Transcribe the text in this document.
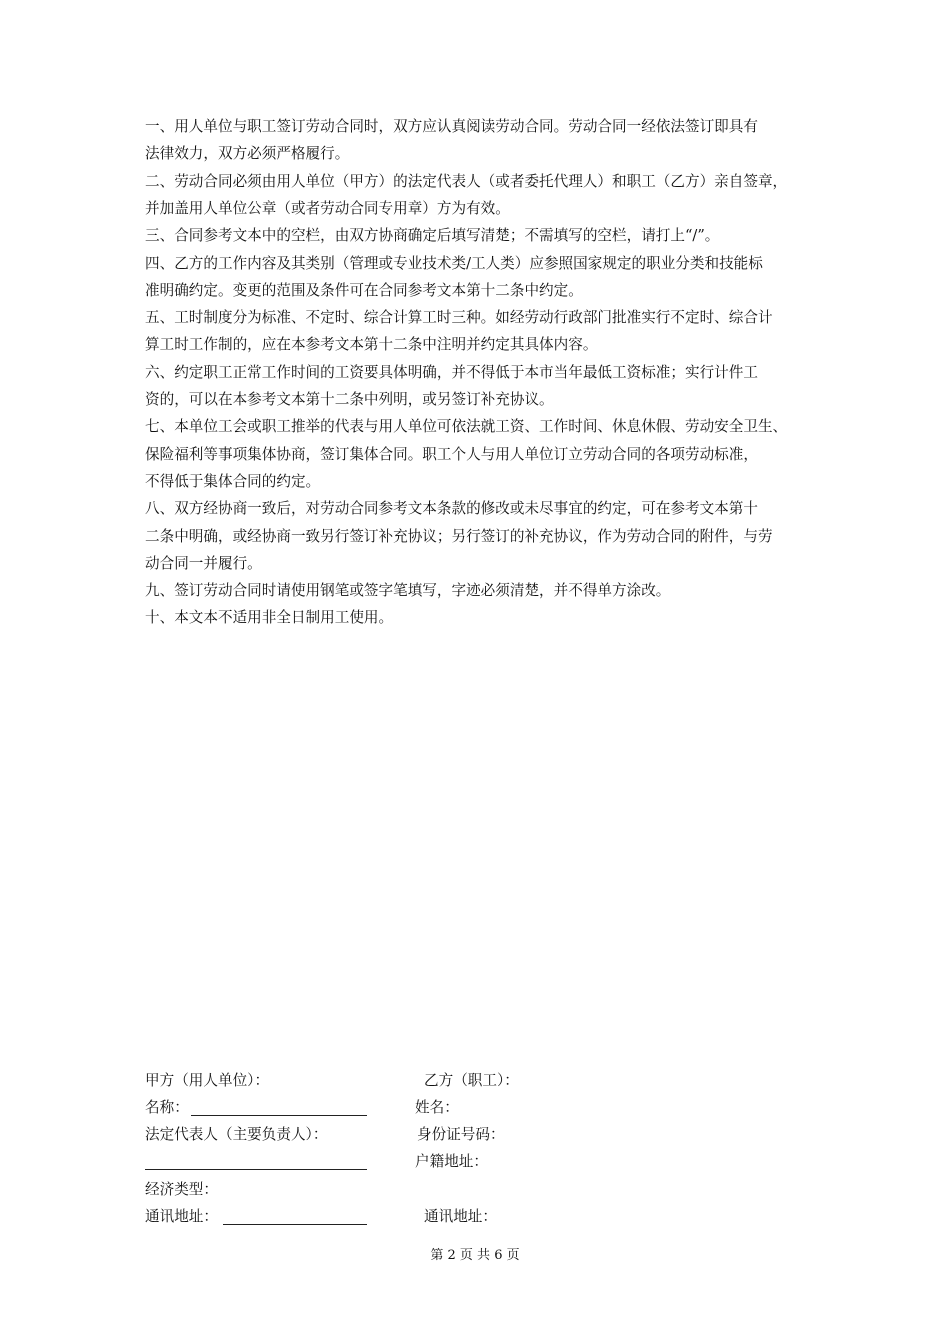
一、用人单位与职工签订劳动合同时，双方应认真阅读劳动合同。劳动合同一经依法签订即具有
法律效力，双方必须严格履行。
二、劳动合同必须由用人单位（甲方）的法定代表人（或者委托代理人）和职工（乙方）亲自签章，
并加盖用人单位公章（或者劳动合同专用章）方为有效。
三、合同参考文本中的空栏，由双方协商确定后填写清楚；不需填写的空栏，请打上“/”。
四、乙方的工作内容及其类别（管理或专业技术类/工人类）应参照国家规定的职业分类和技能标
准明确约定。变更的范围及条件可在合同参考文本第十二条中约定。
五、工时制度分为标准、不定时、综合计算工时三种。如经劳动行政部门批准实行不定时、综合计
算工时工作制的，应在本参考文本第十二条中注明并约定其具体内容。
六、约定职工正常工作时间的工资要具体明确，并不得低于本市当年最低工资标准；实行计件工
资的，可以在本参考文本第十二条中列明，或另签订补充协议。
七、本单位工会或职工推举的代表与用人单位可依法就工资、工作时间、休息休假、劳动安全卫生、
保险福利等事项集体协商，签订集体合同。职工个人与用人单位订立劳动合同的各项劳动标准，
不得低于集体合同的约定。
八、双方经协商一致后，对劳动合同参考文本条款的修改或未尽事宜的约定，可在参考文本第十
二条中明确，或经协商一致另行签订补充协议；另行签订的补充协议，作为劳动合同的附件，与劳
动合同一并履行。
九、签订劳动合同时请使用钢笔或签字笔填写，字迹必须清楚，并不得单方涂改。
十、本文本不适用非全日制用工使用。
甲方（用人单位）：
名称：
法定代表人（主要负责人）：
经济类型：
通讯地址：
乙方（职工）：
姓名：
身份证号码：
户籍地址：
通讯地址：
第 2 页 共 6 页
